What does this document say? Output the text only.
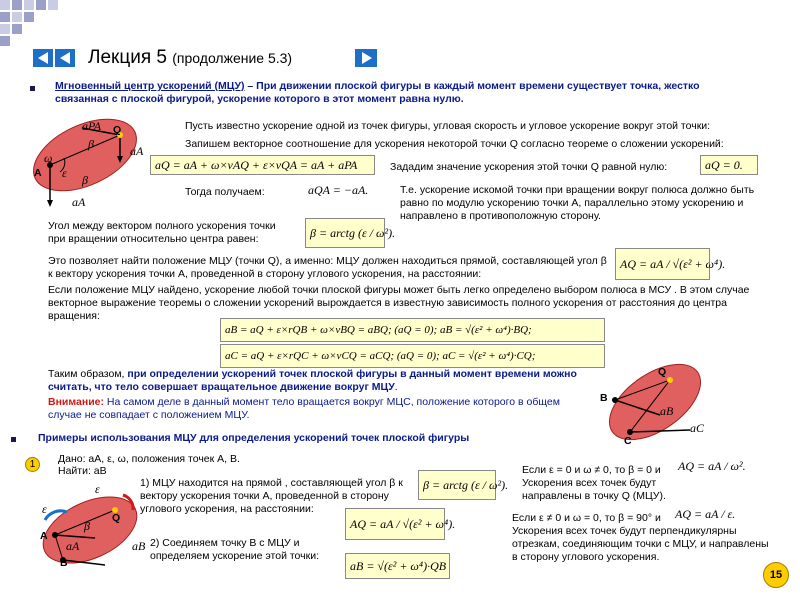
Лекция 5 (продолжение 5.3)
Мгновенный центр ускорений (МЦУ) – При движении плоской фигуры в каждый момент времени существует точка, жестко связанная с плоской фигурой, ускорение которого в этот момент равна нулю.
aPA Q
aA
β
ω
A ε β
aA
Пусть известно ускорение одной из точек фигуры, угловая скорость и угловое ускорение вокруг этой точки:
Запишем векторное соотношение для ускорения некоторой точки Q согласно теореме о сложении ускорений:
aQ = aA + ω×vAQ + ε×vQA = aA + aPA	Зададим значение ускорения этой точки Q равной нулю:	aQ = 0.
Тогда получаем:	aQA = −aA.	Т.е. ускорение искомой точки при вращении вокруг полюса должно быть равно по модулю ускорению точки A, параллельно этому ускорению и направлено в противоположную сторону.
Угол между вектором полного ускорения точки при вращении относительно центра равен:	β = arctg (ε / ω²).
Это позволяет найти положение МЦУ (точки Q), а именно: МЦУ должен находиться прямой, составляющей угол β к вектору ускорения точки A, проведенной в сторону углового ускорения, на расстоянии:
AQ = aA / √(ε² + ω⁴).
Если положение МЦУ найдено, ускорение любой точки плоской фигуры может быть легко определено выбором полюса в МСУ . В этом случае векторное выражение теоремы о сложении ускорений вырождается в известную зависимость полного ускорения от расстояния до центра вращения:
aB = aQ + ε×rQB + ω×vBQ = aBQ; (aQ = 0); aB = √(ε² + ω⁴)·BQ;
aC = aQ + ε×rQC + ω×vCQ = aCQ; (aQ = 0); aC = √(ε² + ω⁴)·CQ;
Таким образом, при определении ускорений точек плоской фигуры в данный момент времени можно считать, что тело совершает вращательное движение вокруг МЦУ.
Внимание: На самом деле в данный момент тело вращается вокруг МЦС, положение которого в общем случае не совпадает с положением МЦУ.
Q
B
C
aB
aC
Примеры использования МЦУ для определения ускорений точек плоской фигуры
1	Дано: aA, ε, ω, положения точек A, B.
Найти: aB
ε
ε
Q
β
A
aA
B
aB
1) МЦУ находится на прямой , составляющей угол β к вектору ускорения точки A, проведенной в сторону углового ускорения, на расстоянии:
β = arctg (ε / ω²).
AQ = aA / √(ε² + ω⁴).
2) Соединяем точку B с МЦУ и определяем ускорение этой точки:
aB = √(ε² + ω⁴)·QB
Если ε = 0 и ω ≠ 0, то β = 0 и AQ = aA / ω².
Ускорения всех точек будут направлены в точку Q (МЦУ).
Если ε ≠ 0 и ω = 0, то β = 90° и AQ = aA / ε.
Ускорения всех точек будут перпендикулярны отрезкам, соединяющим точки с МЦУ, и направлены в сторону углового ускорения.
15
